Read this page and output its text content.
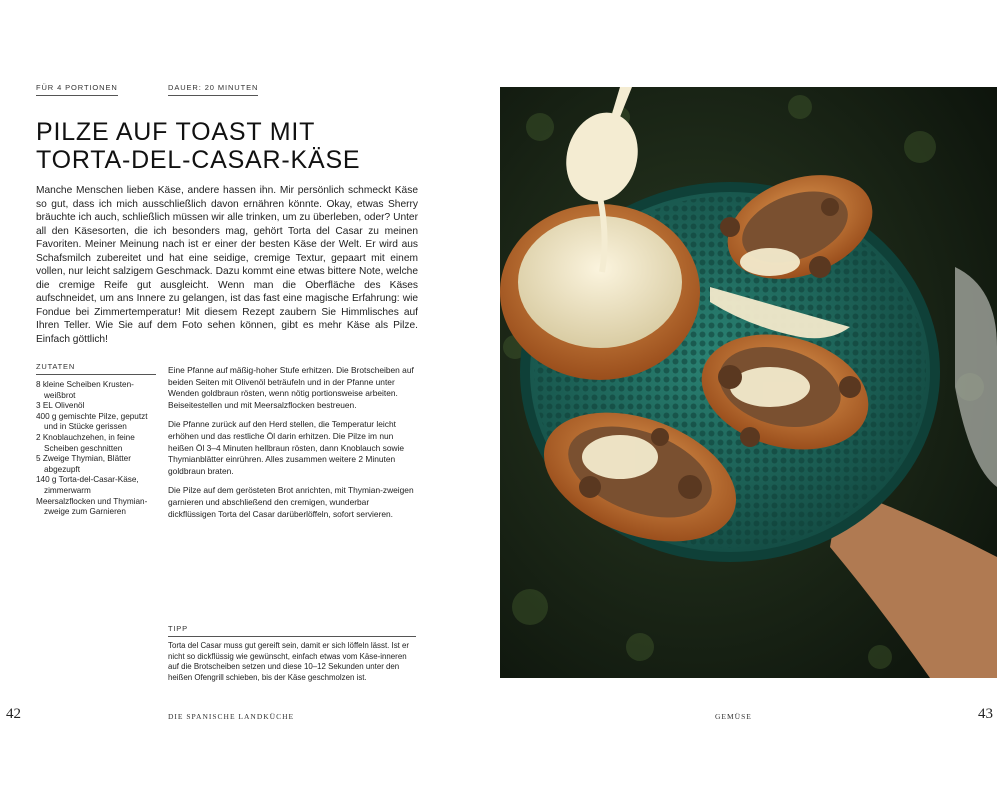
FÜR 4 PORTIONEN	DAUER: 20 MINUTEN
PILZE AUF TOAST MIT
TORTA-DEL-CASAR-KÄSE

Manche Menschen lieben Käse, andere hassen ihn. Mir persönlich schmeckt Käse so gut, dass ich mich ausschließlich davon ernähren könnte. Okay, etwas Sherry bräuchte ich auch, schließlich müssen wir alle trinken, um zu überleben, oder? Unter all den Käsesorten, die ich besonders mag, gehört Torta del Casar zu meinen Favoriten. Meiner Meinung nach ist er einer der besten Käse der Welt. Er wird aus Schafsmilch zubereitet und hat eine seidige, cremige Textur, gepaart mit einem vollen, nur leicht salzigem Geschmack. Dazu kommt eine etwas bittere Note, welche die cremige Reife gut ausgleicht. Wenn man die Oberfläche des Käses aufschneidet, um ans Innere zu gelangen, ist das fast eine magische Erfahrung: wie Fondue bei Zimmertemperatur! Mit diesem Rezept zaubern Sie Himmlisches auf Ihren Teller. Wie Sie auf dem Foto sehen können, gibt es mehr Käse als Pilze. Einfach göttlich!

ZUTATEN
8 kleine Scheiben Krusten-weißbrot
3 EL Olivenöl
400 g gemischte Pilze, geputzt und in Stücke gerissen
2 Knoblauchzehen, in feine Scheiben geschnitten
5 Zweige Thymian, Blätter abgezupft
140 g Torta-del-Casar-Käse, zimmerwarm
Meersalzflocken und Thymian-zweige zum Garnieren

Eine Pfanne auf mäßig-hoher Stufe erhitzen. Die Brotscheiben auf beiden Seiten mit Olivenöl beträufeln und in der Pfanne unter Wenden goldbraun rösten, wenn nötig portionsweise arbeiten. Beiseitestellen und mit Meersalzflocken bestreuen.

Die Pfanne zurück auf den Herd stellen, die Temperatur leicht erhöhen und das restliche Öl darin erhitzen. Die Pilze im nun heißen Öl 3–4 Minuten hellbraun rösten, dann Knoblauch sowie Thymianblätter einrühren. Alles zusammen weitere 2 Minuten goldbraun braten.

Die Pilze auf dem gerösteten Brot anrichten, mit Thymian-zweigen garnieren und abschließend den cremigen, wunderbar dickflüssigen Torta del Casar darüberlöffeln, sofort servieren.

TIPP

Torta del Casar muss gut gereift sein, damit er sich löffeln lässt. Ist er nicht so dickflüssig wie gewünscht, einfach etwas vom Käse-inneren auf die Brotscheiben setzen und diese 10–12 Sekunden unter den heißen Ofengrill schieben, bis der Käse geschmolzen ist.

42	DIE SPANISCHE LANDKÜCHE	GEMÜSE	43
